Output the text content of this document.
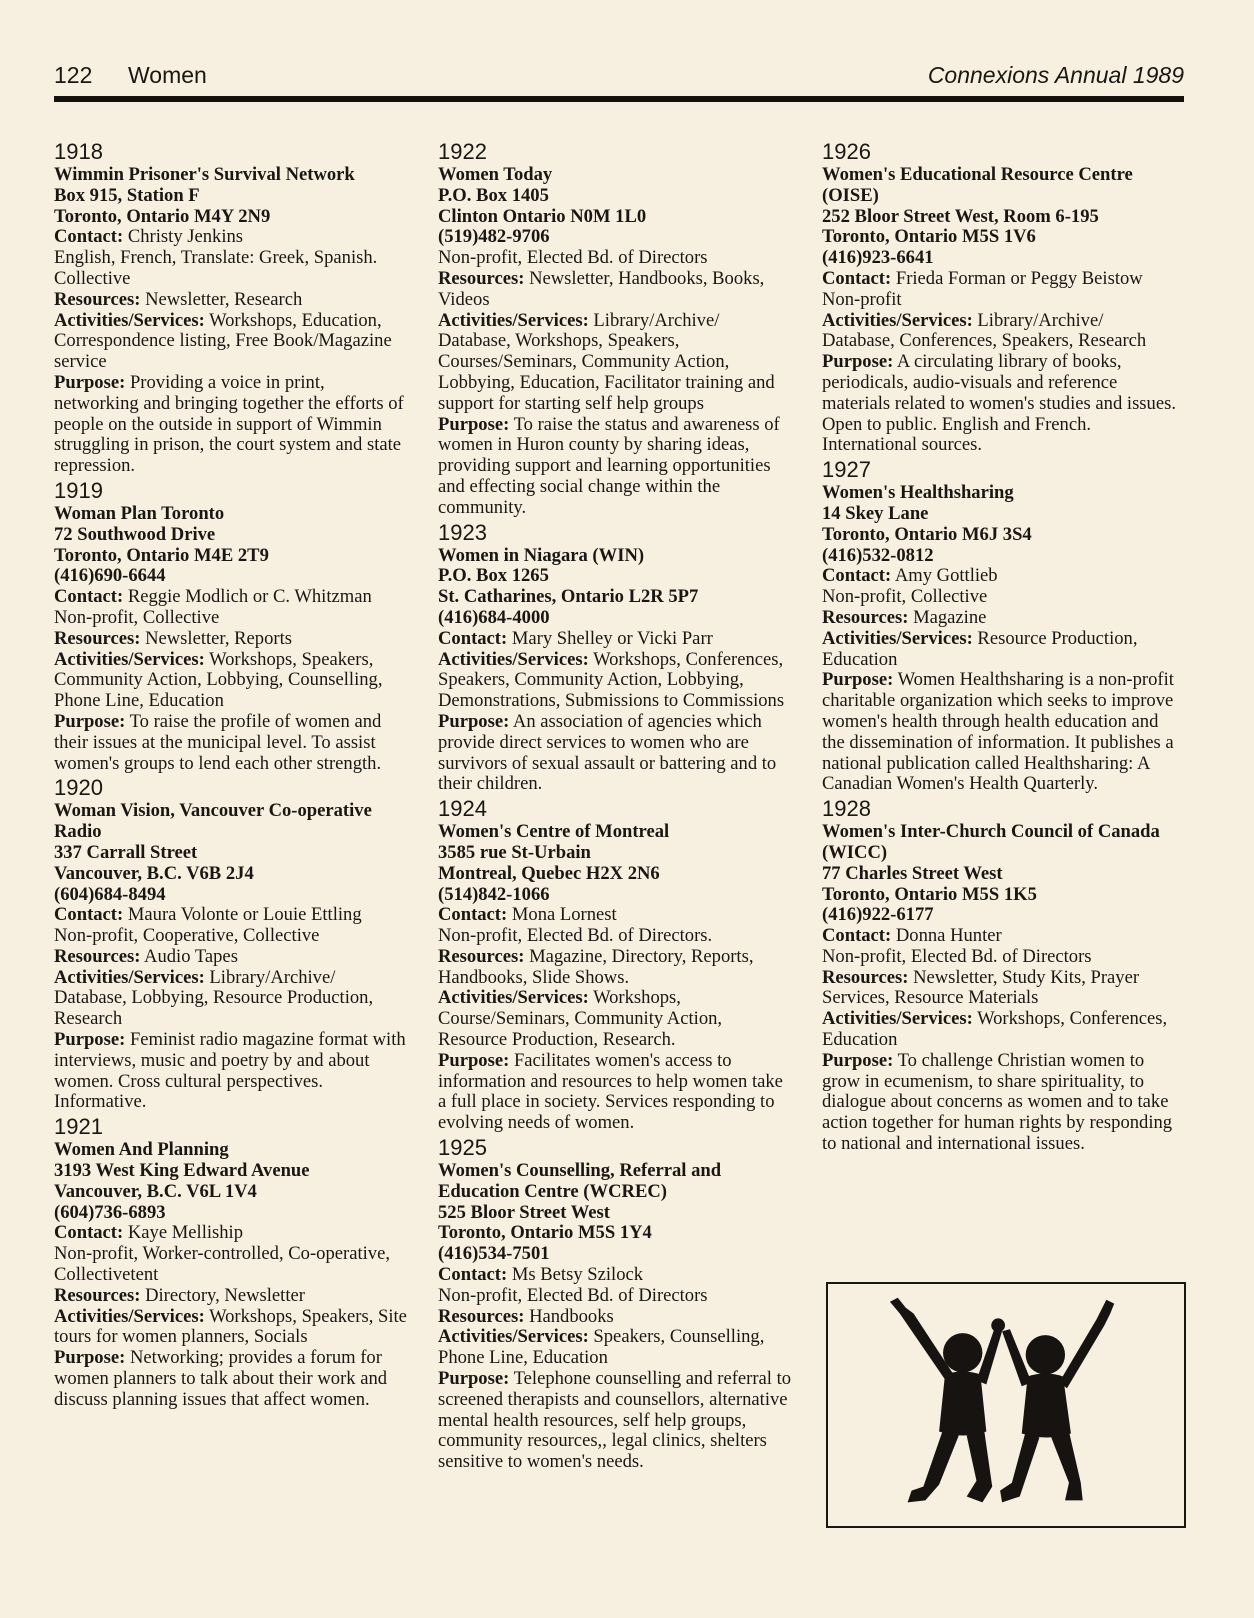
122 Women	Connexions Annual 1989
1918
Wimmin Prisoner's Survival Network
Box 915, Station F
Toronto, Ontario M4Y 2N9
Contact: Christy Jenkins
English, French, Translate: Greek, Spanish. Collective
Resources: Newsletter, Research
Activities/Services: Workshops, Education, Correspondence listing, Free Book/Magazine service
Purpose: Providing a voice in print, networking and bringing together the efforts of people on the outside in support of Wimmin struggling in prison, the court system and state repression.
1919
Woman Plan Toronto
72 Southwood Drive
Toronto, Ontario M4E 2T9
(416)690-6644
Contact: Reggie Modlich or C. Whitzman
Non-profit, Collective
Resources: Newsletter, Reports
Activities/Services: Workshops, Speakers, Community Action, Lobbying, Counselling, Phone Line, Education
Purpose: To raise the profile of women and their issues at the municipal level. To assist women's groups to lend each other strength.
1920
Woman Vision, Vancouver Co-operative Radio
337 Carrall Street
Vancouver, B.C. V6B 2J4
(604)684-8494
Contact: Maura Volonte or Louie Ettling
Non-profit, Cooperative, Collective
Resources: Audio Tapes
Activities/Services: Library/Archive/ Database, Lobbying, Resource Production, Research
Purpose: Feminist radio magazine format with interviews, music and poetry by and about women. Cross cultural perspectives. Informative.
1921
Women And Planning
3193 West King Edward Avenue
Vancouver, B.C. V6L 1V4
(604)736-6893
Contact: Kaye Melliship
Non-profit, Worker-controlled, Co-operative, Collectivetent
Resources: Directory, Newsletter
Activities/Services: Workshops, Speakers, Site tours for women planners, Socials
Purpose: Networking; provides a forum for women planners to talk about their work and discuss planning issues that affect women.
1922
Women Today
P.O. Box 1405
Clinton Ontario N0M 1L0
(519)482-9706
Non-profit, Elected Bd. of Directors
Resources: Newsletter, Handbooks, Books, Videos
Activities/Services: Library/Archive/ Database, Workshops, Speakers, Courses/Seminars, Community Action, Lobbying, Education, Facilitator training and support for starting self help groups
Purpose: To raise the status and awareness of women in Huron county by sharing ideas, providing support and learning opportunities and effecting social change within the community.
1923
Women in Niagara (WIN)
P.O. Box 1265
St. Catharines, Ontario L2R 5P7
(416)684-4000
Contact: Mary Shelley or Vicki Parr
Activities/Services: Workshops, Conferences, Speakers, Community Action, Lobbying, Demonstrations, Submissions to Commissions
Purpose: An association of agencies which provide direct services to women who are survivors of sexual assault or battering and to their children.
1924
Women's Centre of Montreal
3585 rue St-Urbain
Montreal, Quebec H2X 2N6
(514)842-1066
Contact: Mona Lornest
Non-profit, Elected Bd. of Directors.
Resources: Magazine, Directory, Reports, Handbooks, Slide Shows.
Activities/Services: Workshops, Course/Seminars, Community Action, Resource Production, Research.
Purpose: Facilitates women's access to information and resources to help women take a full place in society. Services responding to evolving needs of women.
1925
Women's Counselling, Referral and Education Centre (WCREC)
525 Bloor Street West
Toronto, Ontario M5S 1Y4
(416)534-7501
Contact: Ms Betsy Szilock
Non-profit, Elected Bd. of Directors
Resources: Handbooks
Activities/Services: Speakers, Counselling, Phone Line, Education
Purpose: Telephone counselling and referral to screened therapists and counsellors, alternative mental health resources, self help groups, community resources,, legal clinics, shelters sensitive to women's needs.
1926
Women's Educational Resource Centre (OISE)
252 Bloor Street West, Room 6-195
Toronto, Ontario M5S 1V6
(416)923-6641
Contact: Frieda Forman or Peggy Beistow
Non-profit
Activities/Services: Library/Archive/ Database, Conferences, Speakers, Research
Purpose: A circulating library of books, periodicals, audio-visuals and reference materials related to women's studies and issues. Open to public. English and French. International sources.
1927
Women's Healthsharing
14 Skey Lane
Toronto, Ontario M6J 3S4
(416)532-0812
Contact: Amy Gottlieb
Non-profit, Collective
Resources: Magazine
Activities/Services: Resource Production, Education
Purpose: Women Healthsharing is a non-profit charitable organization which seeks to improve women's health through health education and the dissemination of information. It publishes a national publication called Healthsharing: A Canadian Women's Health Quarterly.
1928
Women's Inter-Church Council of Canada (WICC)
77 Charles Street West
Toronto, Ontario M5S 1K5
(416)922-6177
Contact: Donna Hunter
Non-profit, Elected Bd. of Directors
Resources: Newsletter, Study Kits, Prayer Services, Resource Materials
Activities/Services: Workshops, Conferences, Education
Purpose: To challenge Christian women to grow in ecumenism, to share spirituality, to dialogue about concerns as women and to take action together for human rights by responding to national and international issues.
